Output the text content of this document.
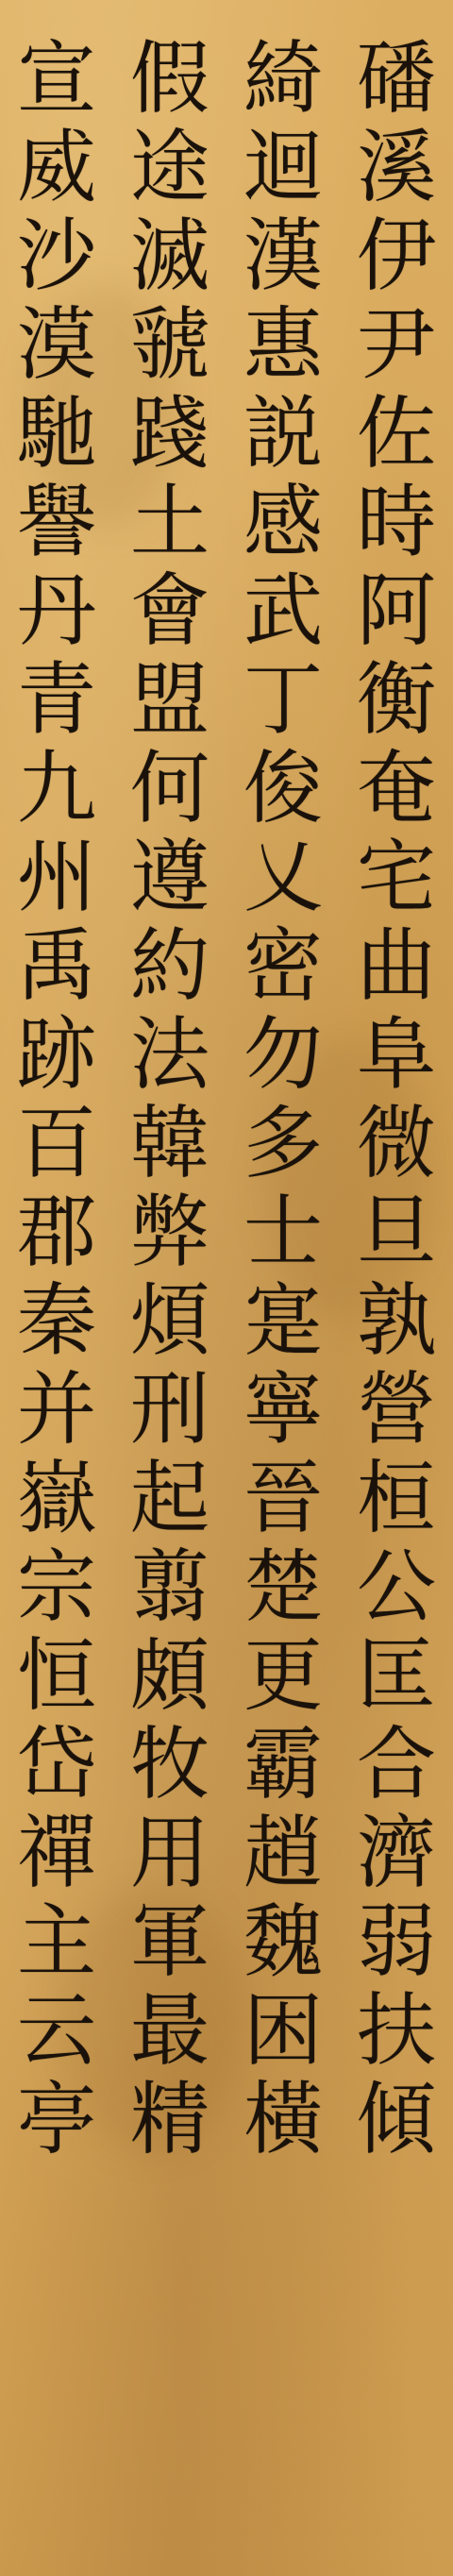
磻
溪
伊
尹
佐
時
阿
衡
奄
宅
曲
阜
微
旦
孰
營
桓
公
匡
合
濟
弱
扶
傾
綺
迴
漢
惠
説
感
武
丁
俊
乂
密
勿
多
士
寔
寧
晉
楚
更
霸
趙
魏
困
橫
假
途
滅
虢
踐
土
會
盟
何
遵
約
法
韓
弊
煩
刑
起
翦
頗
牧
用
軍
最
精
宣
威
沙
漠
馳
譽
丹
青
九
州
禹
跡
百
郡
秦
并
嶽
宗
恒
岱
禪
主
云
亭
